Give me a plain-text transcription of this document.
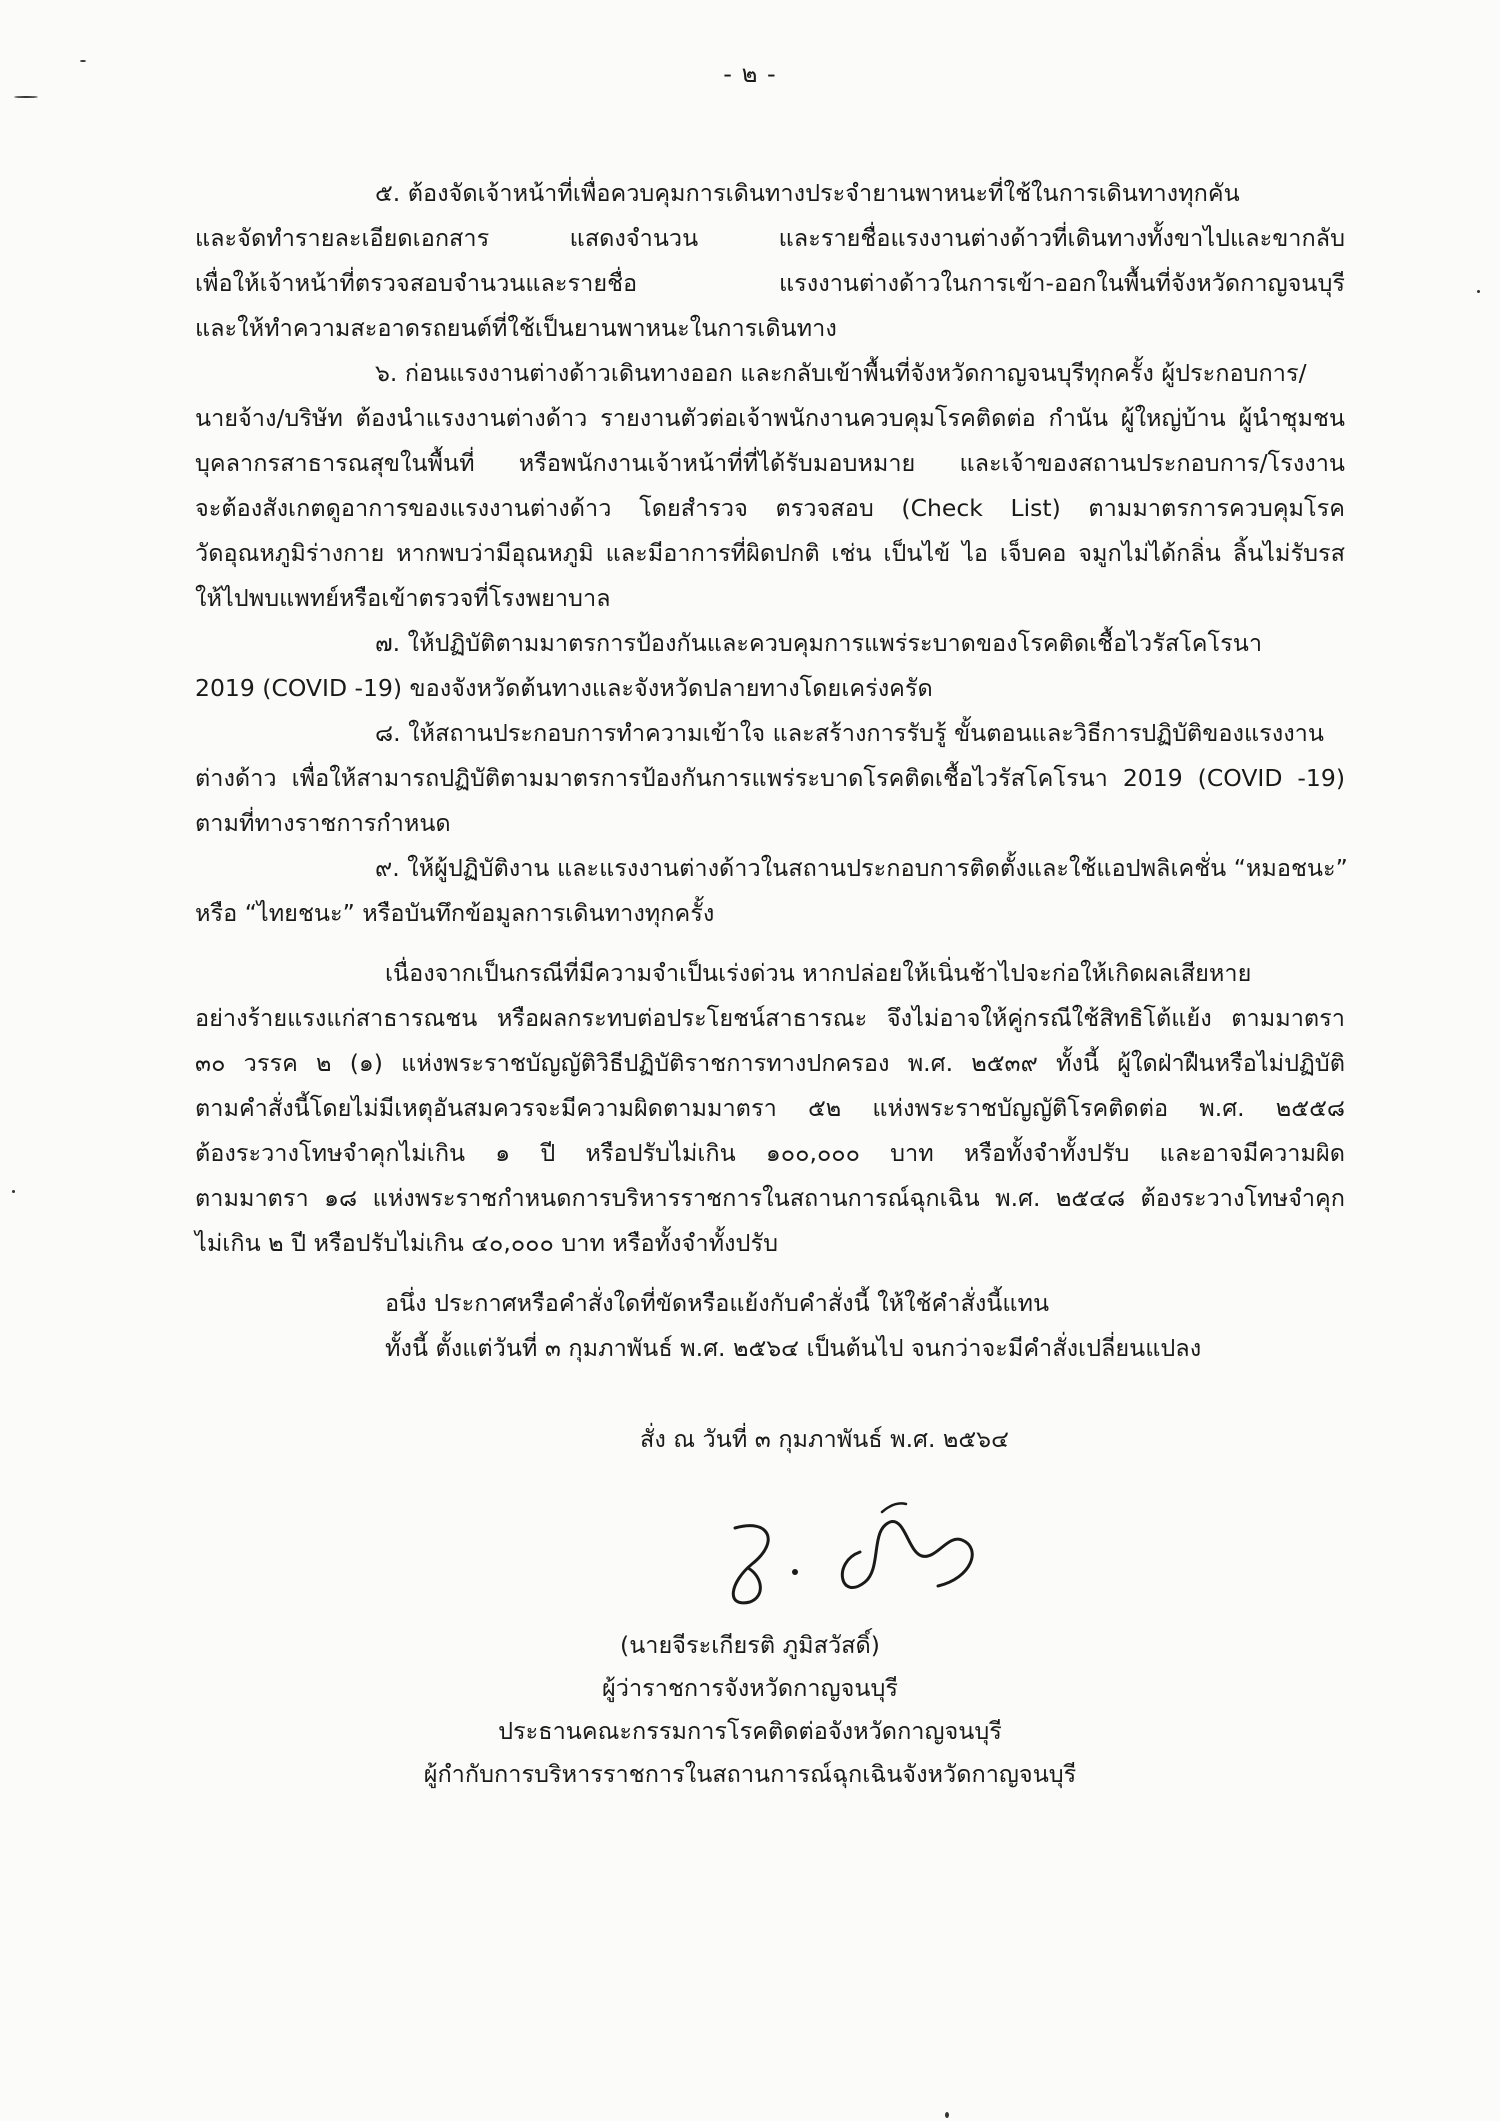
- ๒ -
๕. ต้องจัดเจ้าหน้าที่เพื่อควบคุมการเดินทางประจำยานพาหนะที่ใช้ในการเดินทางทุกคัน
และจัดทำรายละเอียดเอกสาร แสดงจำนวน และรายชื่อแรงงานต่างด้าวที่เดินทางทั้งขาไปและขากลับ
เพื่อให้เจ้าหน้าที่ตรวจสอบจำนวนและรายชื่อ แรงงานต่างด้าวในการเข้า-ออกในพื้นที่จังหวัดกาญจนบุรี
และให้ทำความสะอาดรถยนต์ที่ใช้เป็นยานพาหนะในการเดินทาง
๖. ก่อนแรงงานต่างด้าวเดินทางออก และกลับเข้าพื้นที่จังหวัดกาญจนบุรีทุกครั้ง ผู้ประกอบการ/
นายจ้าง/บริษัท ต้องนำแรงงานต่างด้าว รายงานตัวต่อเจ้าพนักงานควบคุมโรคติดต่อ กำนัน ผู้ใหญ่บ้าน ผู้นำชุมชน
บุคลากรสาธารณสุขในพื้นที่ หรือพนักงานเจ้าหน้าที่ที่ได้รับมอบหมาย และเจ้าของสถานประกอบการ/โรงงาน
จะต้องสังเกตดูอาการของแรงงานต่างด้าว โดยสำรวจ ตรวจสอบ (Check List) ตามมาตรการควบคุมโรค
วัดอุณหภูมิร่างกาย หากพบว่ามีอุณหภูมิ และมีอาการที่ผิดปกติ เช่น เป็นไข้ ไอ เจ็บคอ จมูกไม่ได้กลิ่น ลิ้นไม่รับรส
ให้ไปพบแพทย์หรือเข้าตรวจที่โรงพยาบาล
๗. ให้ปฏิบัติตามมาตรการป้องกันและควบคุมการแพร่ระบาดของโรคติดเชื้อไวรัสโคโรนา
2019 (COVID -19) ของจังหวัดต้นทางและจังหวัดปลายทางโดยเคร่งครัด
๘. ให้สถานประกอบการทำความเข้าใจ และสร้างการรับรู้ ขั้นตอนและวิธีการปฏิบัติของแรงงาน
ต่างด้าว เพื่อให้สามารถปฏิบัติตามมาตรการป้องกันการแพร่ระบาดโรคติดเชื้อไวรัสโคโรนา 2019 (COVID -19)
ตามที่ทางราชการกำหนด
๙. ให้ผู้ปฏิบัติงาน และแรงงานต่างด้าวในสถานประกอบการติดตั้งและใช้แอปพลิเคชั่น “หมอชนะ”
หรือ “ไทยชนะ” หรือบันทึกข้อมูลการเดินทางทุกครั้ง
เนื่องจากเป็นกรณีที่มีความจำเป็นเร่งด่วน หากปล่อยให้เนิ่นช้าไปจะก่อให้เกิดผลเสียหาย
อย่างร้ายแรงแก่สาธารณชน หรือผลกระทบต่อประโยชน์สาธารณะ จึงไม่อาจให้คู่กรณีใช้สิทธิโต้แย้ง ตามมาตรา
๓๐ วรรค ๒ (๑) แห่งพระราชบัญญัติวิธีปฏิบัติราชการทางปกครอง พ.ศ. ๒๕๓๙ ทั้งนี้ ผู้ใดฝ่าฝืนหรือไม่ปฏิบัติ
ตามคำสั่งนี้โดยไม่มีเหตุอันสมควรจะมีความผิดตามมาตรา ๕๒ แห่งพระราชบัญญัติโรคติดต่อ พ.ศ. ๒๕๕๘
ต้องระวางโทษจำคุกไม่เกิน ๑ ปี หรือปรับไม่เกิน ๑๐๐,๐๐๐ บาท หรือทั้งจำทั้งปรับ และอาจมีความผิด
ตามมาตรา ๑๘ แห่งพระราชกำหนดการบริหารราชการในสถานการณ์ฉุกเฉิน พ.ศ. ๒๕๔๘ ต้องระวางโทษจำคุก
ไม่เกิน ๒ ปี หรือปรับไม่เกิน ๔๐,๐๐๐ บาท หรือทั้งจำทั้งปรับ
อนึ่ง ประกาศหรือคำสั่งใดที่ขัดหรือแย้งกับคำสั่งนี้ ให้ใช้คำสั่งนี้แทน
ทั้งนี้ ตั้งแต่วันที่ ๓ กุมภาพันธ์ พ.ศ. ๒๕๖๔ เป็นต้นไป จนกว่าจะมีคำสั่งเปลี่ยนแปลง
สั่ง ณ วันที่ ๓ กุมภาพันธ์ พ.ศ. ๒๕๖๔
(นายจีระเกียรติ ภูมิสวัสดิ์)
ผู้ว่าราชการจังหวัดกาญจนบุรี
ประธานคณะกรรมการโรคติดต่อจังหวัดกาญจนบุรี
ผู้กำกับการบริหารราชการในสถานการณ์ฉุกเฉินจังหวัดกาญจนบุรี
